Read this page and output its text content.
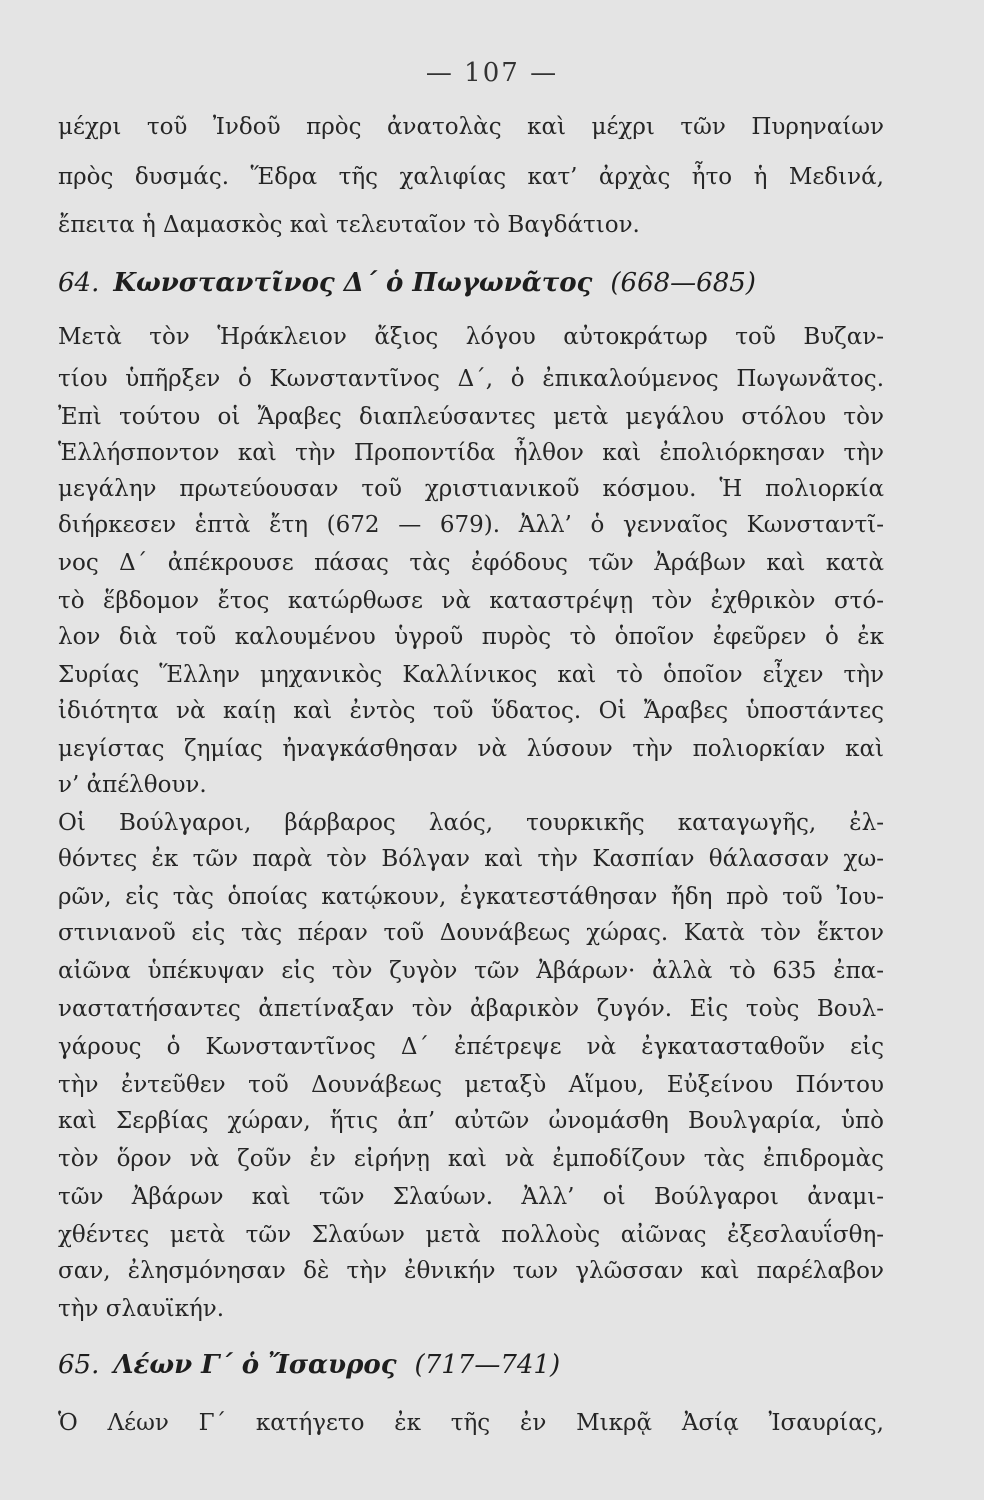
— 107 —
μέχρι τοῦ Ἰνδοῦ πρὸς ἀνατολὰς καὶ μέχρι τῶν Πυρηναίων
πρὸς δυσμάς. Ἕδρα τῆς χαλιφίας κατ’ ἀρχὰς ἦτο ἡ Μεδινά,
ἔπειτα ἡ Δαμασκὸς καὶ τελευταῖον τὸ Βαγδάτιον.
64. Κωνσταντῖνος Δ΄ ὁ Πωγωνᾶτος (668—685)
Μετὰ τὸν Ἡράκλειον ἄξιος λόγου αὐτοκράτωρ τοῦ Βυζαν-
τίου ὑπῆρξεν ὁ Κωνσταντῖνος Δ΄, ὁ ἐπικαλούμενος Πωγωνᾶτος.
Ἐπὶ τούτου οἱ Ἄραβες διαπλεύσαντες μετὰ μεγάλου στόλου τὸν
Ἑλλήσποντον καὶ τὴν Προποντίδα ἦλθον καὶ ἐπολιόρκησαν τὴν
μεγάλην πρωτεύουσαν τοῦ χριστιανικοῦ κόσμου. Ἡ πολιορκία
διήρκεσεν ἑπτὰ ἔτη (672 — 679). Ἀλλ’ ὁ γενναῖος Κωνσταντῖ-
νος Δ΄ ἀπέκρουσε πάσας τὰς ἐφόδους τῶν Ἀράβων καὶ κατὰ
τὸ ἕβδομον ἔτος κατώρθωσε νὰ καταστρέψῃ τὸν ἐχθρικὸν στό-
λον διὰ τοῦ καλουμένου ὑγροῦ πυρὸς τὸ ὁποῖον ἐφεῦρεν ὁ ἐκ
Συρίας Ἕλλην μηχανικὸς Καλλίνικος καὶ τὸ ὁποῖον εἶχεν τὴν
ἰδιότητα νὰ καίῃ καὶ ἐντὸς τοῦ ὕδατος. Οἱ Ἄραβες ὑποστάντες
μεγίστας ζημίας ἠναγκάσθησαν νὰ λύσουν τὴν πολιορκίαν καὶ
ν’ ἀπέλθουν.
Οἱ Βούλγαροι, βάρβαρος λαός, τουρκικῆς καταγωγῆς, ἐλ-
θόντες ἐκ τῶν παρὰ τὸν Βόλγαν καὶ τὴν Κασπίαν θάλασσαν χω-
ρῶν, εἰς τὰς ὁποίας κατῴκουν, ἐγκατεστάθησαν ἤδη πρὸ τοῦ Ἰου-
στινιανοῦ εἰς τὰς πέραν τοῦ Δουνάβεως χώρας. Κατὰ τὸν ἕκτον
αἰῶνα ὑπέκυψαν εἰς τὸν ζυγὸν τῶν Ἀβάρων· ἀλλὰ τὸ 635 ἐπα-
ναστατήσαντες ἀπετίναξαν τὸν ἀβαρικὸν ζυγόν. Εἰς τοὺς Βουλ-
γάρους ὁ Κωνσταντῖνος Δ΄ ἐπέτρεψε νὰ ἐγκατασταθοῦν εἰς
τὴν ἐντεῦθεν τοῦ Δουνάβεως μεταξὺ Αἵμου, Εὐξείνου Πόντου
καὶ Σερβίας χώραν, ἥτις ἀπ’ αὐτῶν ὠνομάσθη Βουλγαρία, ὑπὸ
τὸν ὅρον νὰ ζοῦν ἐν εἰρήνῃ καὶ νὰ ἐμποδίζουν τὰς ἐπιδρομὰς
τῶν Ἀβάρων καὶ τῶν Σλαύων. Ἀλλ’ οἱ Βούλγαροι ἀναμι-
χθέντες μετὰ τῶν Σλαύων μετὰ πολλοὺς αἰῶνας ἐξεσλαυΐσθη-
σαν, ἐλησμόνησαν δὲ τὴν ἐθνικήν των γλῶσσαν καὶ παρέλαβον
τὴν σλαυϊκήν.
65. Λέων Γ΄ ὁ Ἴσαυρος (717—741)
Ὁ Λέων Γ΄ κατήγετο ἐκ τῆς ἐν Μικρᾷ Ἀσίᾳ Ἰσαυρίας,
